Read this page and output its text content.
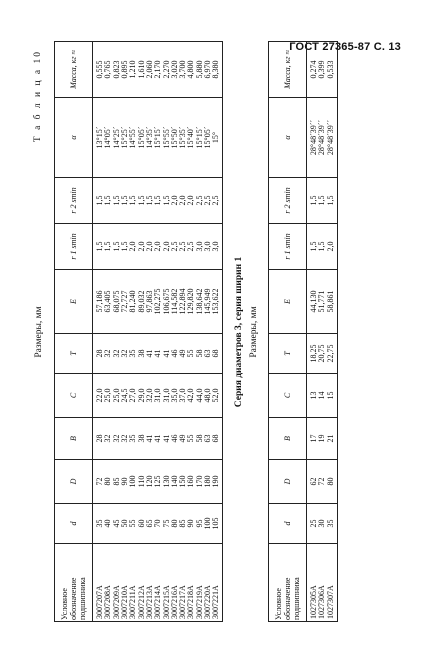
ГОСТ 27365-87 С. 13
Размеры, мм
Т а б л и ц а 10
Условное обозначение подшипника	d	D	B	C	T	E	r 1 smin	r 2 smin	α	Масса, кг ≈
3007207A	35	72	28	22,0	28	57,186	1,5	1,5	13°15´	0,555
3007208A	40	80	32	25,0	32	63,405	1,5	1,5	14°05´	0,765
3007209A	45	85	32	25,0	32	68,075	1,5	1,5	14°25´	0,823
3007210A	50	90	32	24,5	32	72,727	1,5	1,5	15°25´	0,895
3007211A	55	100	35	27,0	35	81,240	2,0	1,5	14°55´	1,210
3007212A	60	110	38	29,0	38	89,032	2,0	1,5	15°05´	1,610
3007213A	65	120	41	32,0	41	97,863	2,0	1,5	14°35´	2,060
3007214A	70	125	41	31,0	41	102,275	2,0	1,5	15°15´	2,170
3007215A	75	130	41	31,0	41	106,675	2,0	1,5	15°55´	2,270
3007216A	80	140	46	35,0	46	114,582	2,5	2,0	15°50´	3,020
3007217A	85	150	49	37,0	49	122,894	2,5	2,0	15°35´	3,700
3007218A	90	160	55	42,0	55	129,820	2,5	2,0	15°40´	4,800
3007219A	95	170	58	44,0	58	138,642	3,0	2,5	15°15´	5,880
3007220A	100	180	63	48,0	63	145,949	3,0	2,5	15°05´	6,970
3007221A	105	190	68	52,0	68	153,622	3,0	2,5	15°	8,380
Серия диаметров 3, серия ширин 1 Размеры, мм
Условное обозначение подшипника	d	D	B	C	T	E	r 1 smin	r 2 smin	α	Масса, кг ≈
1027305A	25	62	17	13	18,25	44,130	1,5	1,5	28°48´39´´	0,274
1027306A	30	72	19	14	20,75	51,771	1,5	1,5	28°48´39´´	0,399
1027307A	35	80	21	15	22,75	58,861	2,0	1,5	28°48´39´´	0,533
